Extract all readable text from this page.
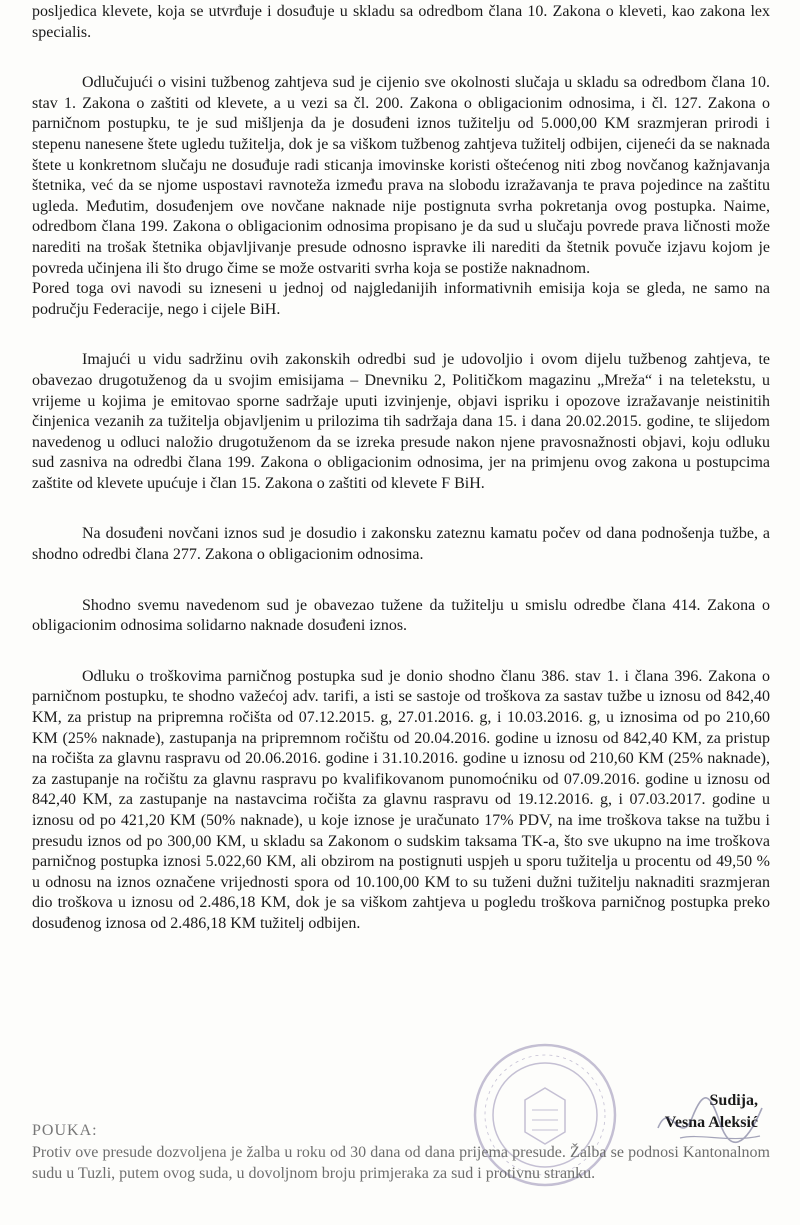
posljedica klevete, koja se utvrđuje i dosuđuje u skladu sa odredbom člana 10. Zakona o kleveti, kao zakona lex specialis.

Odlučujući o visini tužbenog zahtjeva sud je cijenio sve okolnosti slučaja u skladu sa odredbom člana 10. stav 1. Zakona o zaštiti od klevete, a u vezi sa čl. 200. Zakona o obligacionim odnosima, i čl. 127. Zakona o parničnom postupku, te je sud mišljenja da je dosuđeni iznos tužitelju od 5.000,00 KM srazmjeran prirodi i stepenu nanesene štete ugledu tužitelja, dok je sa viškom tužbenog zahtjeva tužitelj odbijen, cijeneći da se naknada štete u konkretnom slučaju ne dosuđuje radi sticanja imovinske koristi oštećenog niti zbog novčanog kažnjavanja štetnika, već da se njome uspostavi ravnoteža između prava na slobodu izražavanja te prava pojedince na zaštitu ugleda. Međutim, dosuđenjem ove novčane naknade nije postignuta svrha pokretanja ovog postupka. Naime, odredbom člana 199. Zakona o obligacionim odnosima propisano je da sud u slučaju povrede prava ličnosti može narediti na trošak štetnika objavljivanje presude odnosno ispravke ili narediti da štetnik povuče izjavu kojom je povreda učinjena ili što drugo čime se može ostvariti svrha koja se postiže naknadnom.

Pored toga ovi navodi su izneseni u jednoj od najgledanijih informativnih emisija koja se gleda, ne samo na području Federacije, nego i cijele BiH.

Imajući u vidu sadržinu ovih zakonskih odredbi sud je udovoljio i ovom dijelu tužbenog zahtjeva, te obavezao drugotuženog da u svojim emisijama – Dnevniku 2, Političkom magazinu „Mreža“ i na teletekstu, u vrijeme u kojima je emitovao sporne sadržaje uputi izvinjenje, objavi ispriku i opozove izražavanje neistinitih činjenica vezanih za tužitelja objavljenim u prilozima tih sadržaja dana 15. i dana 20.02.2015. godine, te slijedom navedenog u odluci naložio drugotuženom da se izreka presude nakon njene pravosnažnosti objavi, koju odluku sud zasniva na odredbi člana 199. Zakona o obligacionim odnosima, jer na primjenu ovog zakona u postupcima zaštite od klevete upućuje i član 15. Zakona o zaštiti od klevete F BiH.

Na dosuđeni novčani iznos sud je dosudio i zakonsku zateznu kamatu počev od dana podnošenja tužbe, a shodno odredbi člana 277. Zakona o obligacionim odnosima.

Shodno svemu navedenom sud je obavezao tužene da tužitelju u smislu odredbe člana 414. Zakona o obligacionim odnosima solidarno naknade dosuđeni iznos.

Odluku o troškovima parničnog postupka sud je donio shodno članu 386. stav 1. i člana 396. Zakona o parničnom postupku, te shodno važećoj adv. tarifi, a isti se sastoje od troškova za sastav tužbe u iznosu od 842,40 KM, za pristup na pripremna ročišta od 07.12.2015. g, 27.01.2016. g, i 10.03.2016. g, u iznosima od po 210,60 KM (25% naknade), zastupanja na pripremnom ročištu od 20.04.2016. godine u iznosu od 842,40 KM, za pristup na ročišta za glavnu raspravu od 20.06.2016. godine i 31.10.2016. godine u iznosu od 210,60 KM (25% naknade), za zastupanje na ročištu za glavnu raspravu po kvalifikovanom punomoćniku od 07.09.2016. godine u iznosu od 842,40 KM, za zastupanje na nastavcima ročišta za glavnu raspravu od 19.12.2016. g, i 07.03.2017. godine u iznosu od po 421,20 KM (50% naknade), u koje iznose je uračunato 17% PDV, na ime troškova takse na tužbu i presudu iznos od po 300,00 KM, u skladu sa Zakonom o sudskim taksama TK-a, što sve ukupno na ime troškova parničnog postupka iznosi 5.022,60 KM, ali obzirom na postignuti uspjeh u sporu tužitelja u procentu od 49,50 % u odnosu na iznos označene vrijednosti spora od 10.100,00 KM to su tuženi dužni tužitelju naknaditi srazmjeran dio troškova u iznosu od 2.486,18 KM, dok je sa viškom zahtjeva u pogledu troškova parničnog postupka preko dosuđenog iznosa od 2.486,18 KM tužitelj odbijen.

Sudija,
Vesna Aleksić
POUKA:
Protiv ove presude dozvoljena je žalba u roku od 30 dana od dana prijema presude. Žalba se podnosi Kantonalnom sudu u Tuzli, putem ovog suda, u dovoljnom broju primjeraka za sud i protivnu stranku.
